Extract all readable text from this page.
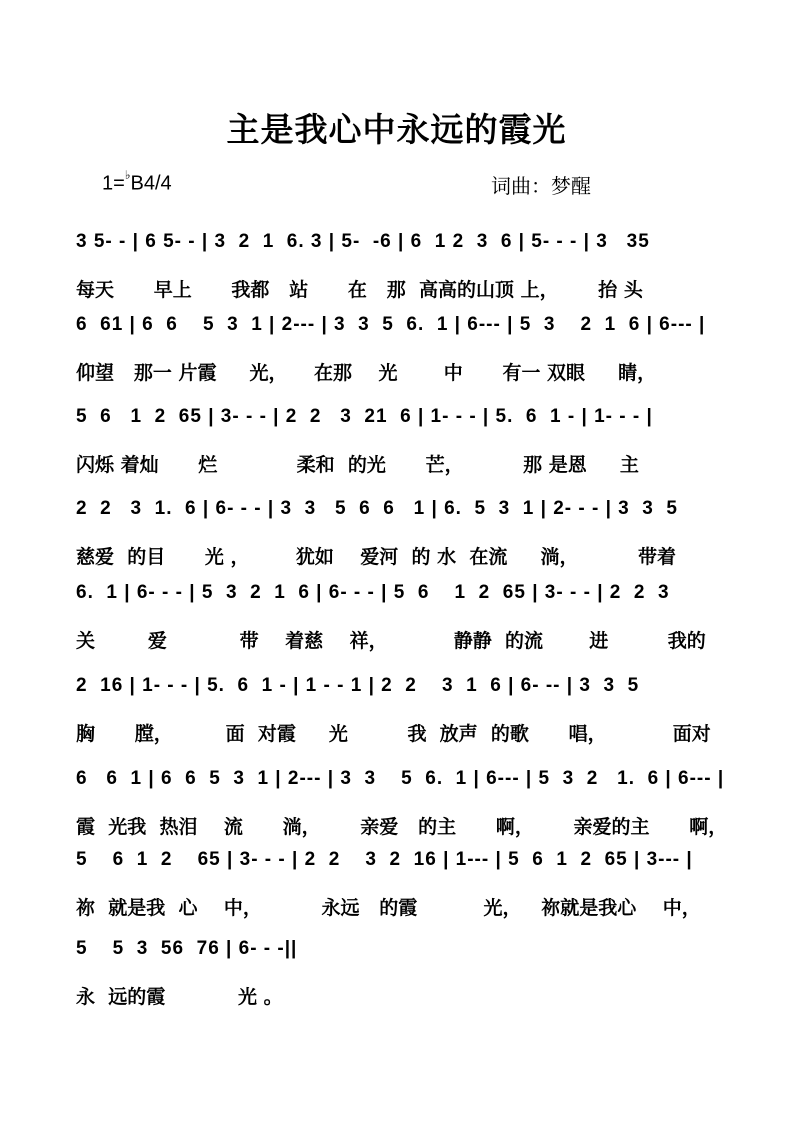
主是我心中永远的霞光
1=♭B4/4	词曲：梦醒
3 5- - | 6 5- - | 3  2  1  6. 3 | 5-  -6 | 6  1 2  3  6 | 5- - - | 3   35
每天      早上      我都   站      在   那  高高的山顶 上，      抬 头
6  61 | 6  6    5  3  1 | 2--- | 3  3  5  6.  1 | 6--- | 5  3    2  1  6 | 6--- |
仰望   那一 片霞     光，    在那    光       中      有一 双眼     睛，
5  6   1  2  65 | 3- - - | 2  2   3  21  6 | 1- - - | 5.  6  1 - | 1- - - |
闪烁 着灿      烂            柔和  的光      芒，         那 是恩     主
2  2   3  1.  6 | 6- - - | 3  3   5  6  6   1 | 6.  5  3  1 | 2- - - | 3  3  5
慈爱  的目      光 ，       犹如    爱河  的 水  在流     淌，         带着
6.  1 | 6- - - | 5  3  2  1  6 | 6- - - | 5  6    1  2  65 | 3- - - | 2  2  3
关        爱           带    着慈    祥，          静静  的流       进         我的
2  16 | 1- - - | 5.  6  1 - | 1 - - 1 | 2  2    3  1  6 | 6- -- | 3  3  5
胸      膛，        面  对霞     光         我  放声  的歌      唱，          面对
6   6  1 | 6  6  5  3  1 | 2--- | 3  3    5  6.  1 | 6--- | 5  3  2   1.  6 | 6--- |
霞  光我  热泪    流      淌，      亲爱   的主      啊，      亲爱的主      啊，
5    6  1  2    65 | 3- - - | 2  2    3  2  16 | 1--- | 5  6  1  2  65 | 3--- |
祢  就是我  心    中，         永远   的霞          光，   祢就是我心    中，
5    5  3  56  76 | 6- - -||
永  远的霞           光 。
